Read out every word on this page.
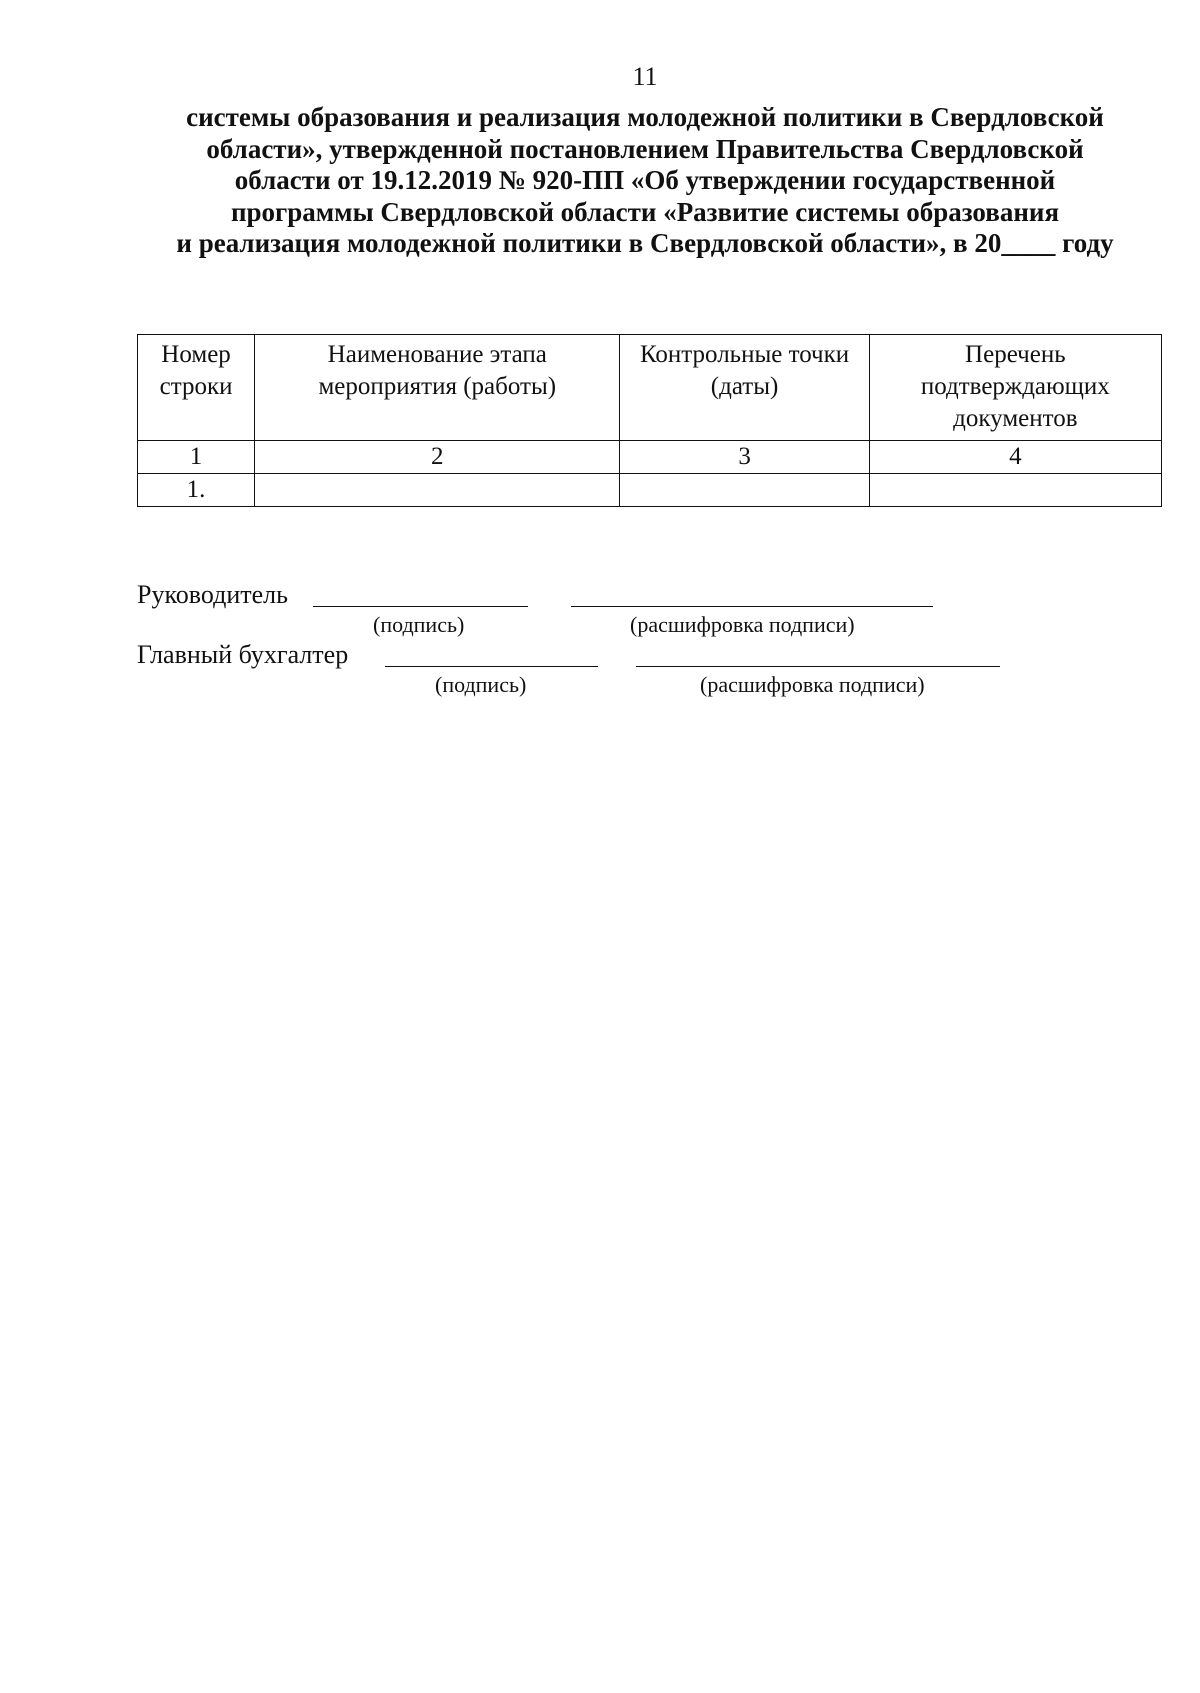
11
системы образования и реализация молодежной политики в Свердловской
области», утвержденной постановлением Правительства Свердловской
области от 19.12.2019 № 920-ПП «Об утверждении государственной
программы Свердловской области «Развитие системы образования
и реализация молодежной политики в Свердловской области», в 20____ году
Номер строки	Наименование этапа мероприятия (работы)	Контрольные точки (даты)	Перечень подтверждающих документов
1	2	3	4
1.			
Руководитель
(подпись)	(расшифровка подписи)
Главный бухгалтер
(подпись)	(расшифровка подписи)
